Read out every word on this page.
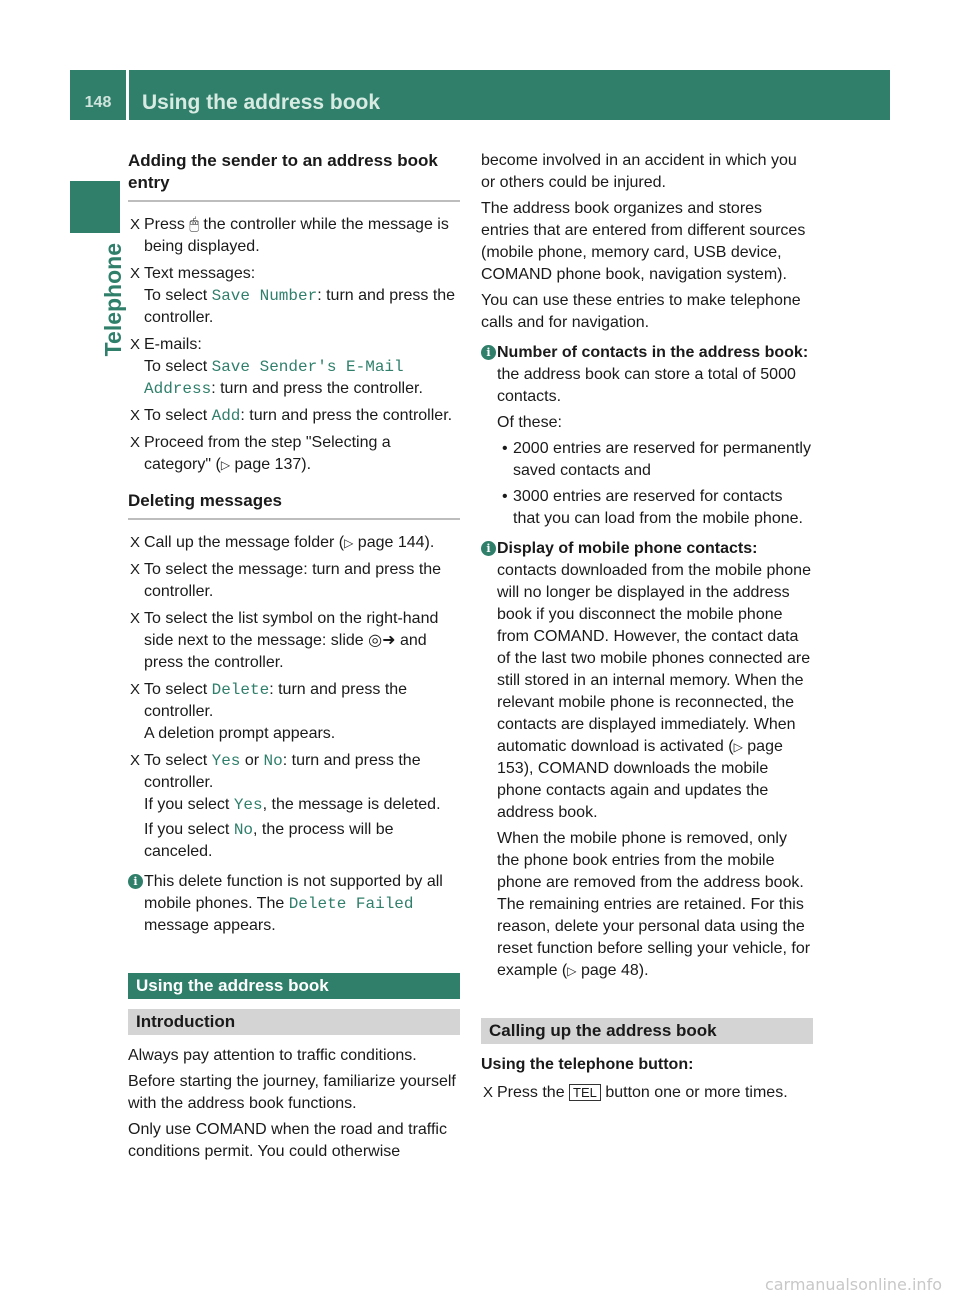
148	Using the address book
Telephone
Adding the sender to an address book entry
X Press 🖱 the controller while the message is being displayed.
X Text messages:
To select Save Number: turn and press the controller.
X E-mails:
To select Save Sender's E-Mail Address: turn and press the controller.
X To select Add: turn and press the controller.
X Proceed from the step "Selecting a category" (▷ page 137).
Deleting messages
X Call up the message folder (▷ page 144).
X To select the message: turn and press the controller.
X To select the list symbol on the right-hand side next to the message: slide ◎➜ and press the controller.
X To select Delete: turn and press the controller.
A deletion prompt appears.
X To select Yes or No: turn and press the controller.
If you select Yes, the message is deleted.
If you select No, the process will be canceled.
i This delete function is not supported by all mobile phones. The Delete Failed message appears.
Using the address book
Introduction

Always pay attention to traffic conditions.

Before starting the journey, familiarize yourself with the address book functions.

Only use COMAND when the road and traffic conditions permit. You could otherwise

become involved in an accident in which you or others could be injured.

The address book organizes and stores entries that are entered from different sources (mobile phone, memory card, USB device, COMAND phone book, navigation system).

You can use these entries to make telephone calls and for navigation.

i Number of contacts in the address book: the address book can store a total of 5000 contacts.
Of these:
• 2000 entries are reserved for permanently saved contacts and
• 3000 entries are reserved for contacts that you can load from the mobile phone.
i Display of mobile phone contacts:
contacts downloaded from the mobile phone will no longer be displayed in the address book if you disconnect the mobile phone from COMAND. However, the contact data of the last two mobile phones connected are still stored in an internal memory. When the relevant mobile phone is reconnected, the contacts are displayed immediately. When automatic download is activated (▷ page 153), COMAND downloads the mobile phone contacts again and updates the address book.
When the mobile phone is removed, only the phone book entries from the mobile phone are removed from the address book. The remaining entries are retained. For this reason, delete your personal data using the reset function before selling your vehicle, for example (▷ page 48).
Calling up the address book
Using the telephone button:
X Press the TEL button one or more times.
carmanualsonline.info
